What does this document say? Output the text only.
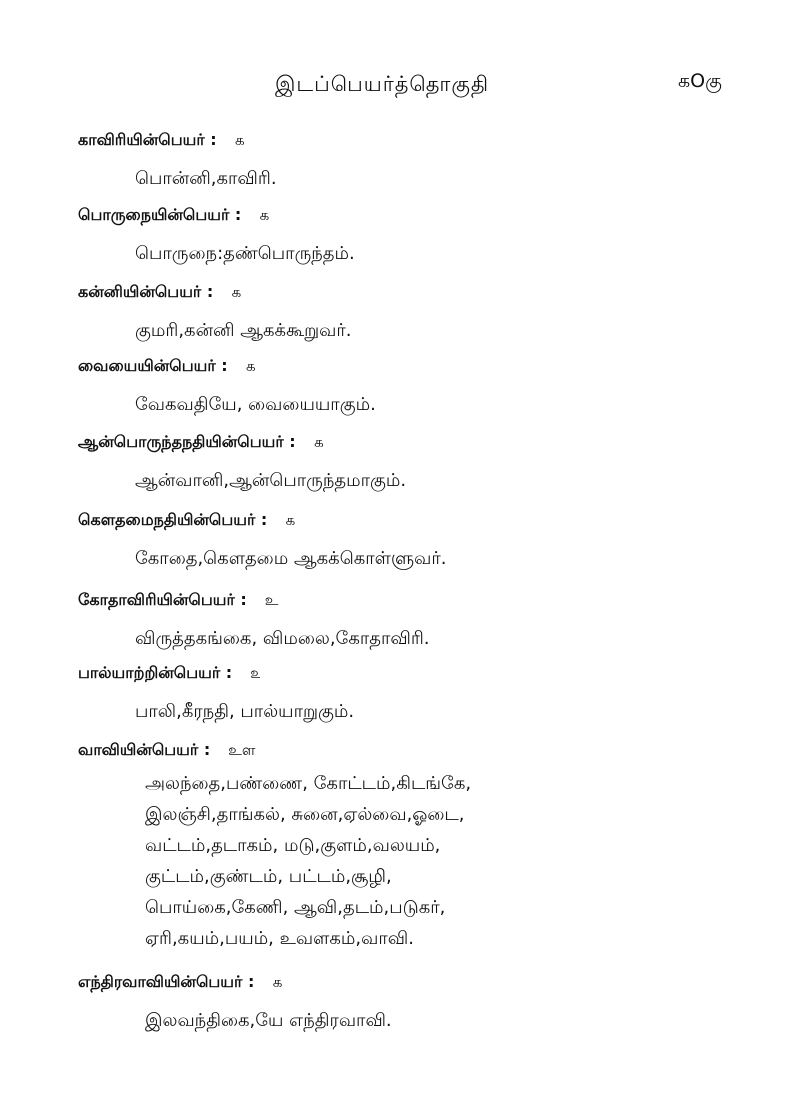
இடப்பெயர்த்தொகுதி	கOகு
காவிரியின்பெயர் : ௧
பொன்னி,காவிரி.
பொருநையின்பெயர் : ௧
பொருநை:தண்பொருந்தம்.
கன்னியின்பெயர் : ௧
குமரி,கன்னி ஆகக்கூறுவர்.
வையையின்பெயர் : ௧
வேகவதியே, வையையாகும்.
ஆன்பொருந்தநதியின்பெயர் : ௧
ஆன்வானி,ஆன்பொருந்தமாகும்.
கௌதமைநதியின்பெயர் : ௧
கோதை,கௌதமை ஆகக்கொள்ளுவர்.
கோதாவிரியின்பெயர் : உ
விருத்தகங்கை, விமலை,கோதாவிரி.
பால்யாற்றின்பெயர் : ௨
பாலி,கீரநதி, பால்யாறுகும்.
வாவியின்பெயர் : உள
அலந்தை,பண்ணை, கோட்டம்,கிடங்கே,
இலஞ்சி,தாங்கல், சுனை,ஏல்வை,ஓடை,
வட்டம்,தடாகம், மடு,குளம்,வலயம்,
குட்டம்,குண்டம், பட்டம்,சூழி,
பொய்கை,கேணி, ஆவி,தடம்,படுகர்,
ஏரி,கயம்,பயம், உவளகம்,வாவி.
எந்திரவாவியின்பெயர் : ௧
இலவந்திகை,யே எந்திரவாவி.
